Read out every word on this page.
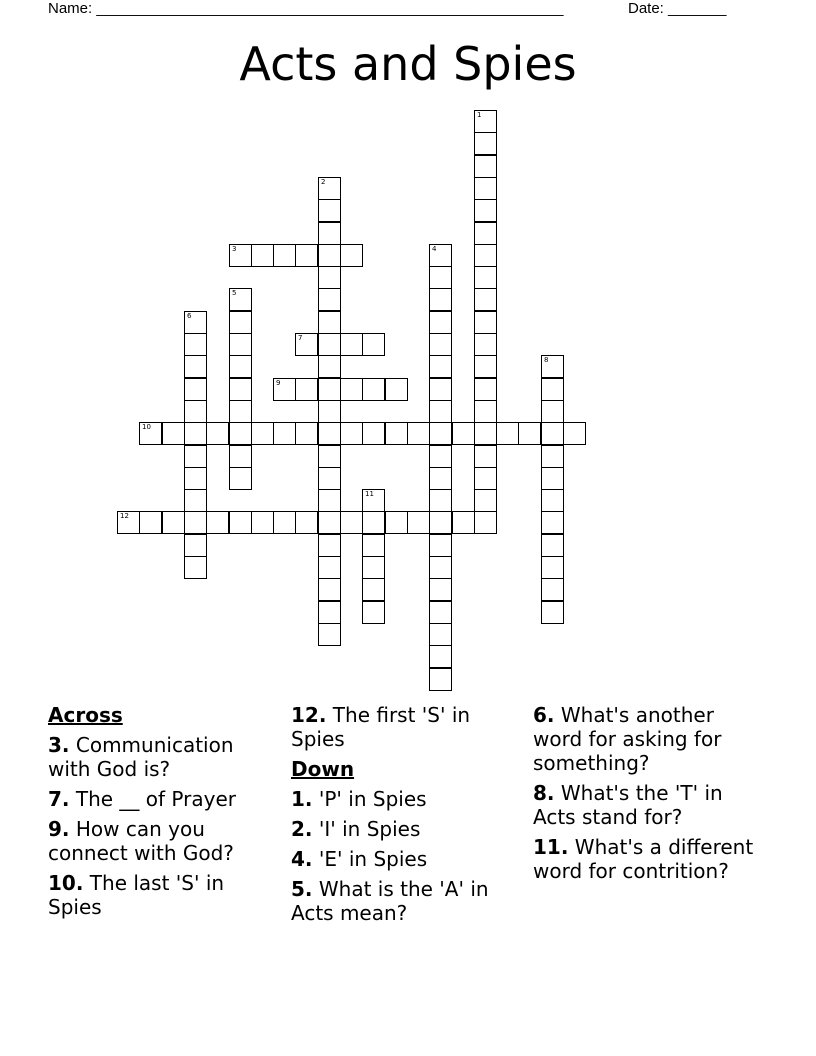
Name: ________________________________________________________	Date: _______
Acts and Spies
1
2
3	4
5
6
7
8
9
10
11
12
Across
3. Communication with God is?
7. The __ of Prayer
9. How can you connect with God?
10. The last 'S' in Spies
12. The first 'S' in Spies
Down
1. 'P' in Spies
2. 'I' in Spies
4. 'E' in Spies
5. What is the 'A' in Acts mean?
6. What's another word for asking for something?
8. What's the 'T' in Acts stand for?
11. What's a different word for contrition?
